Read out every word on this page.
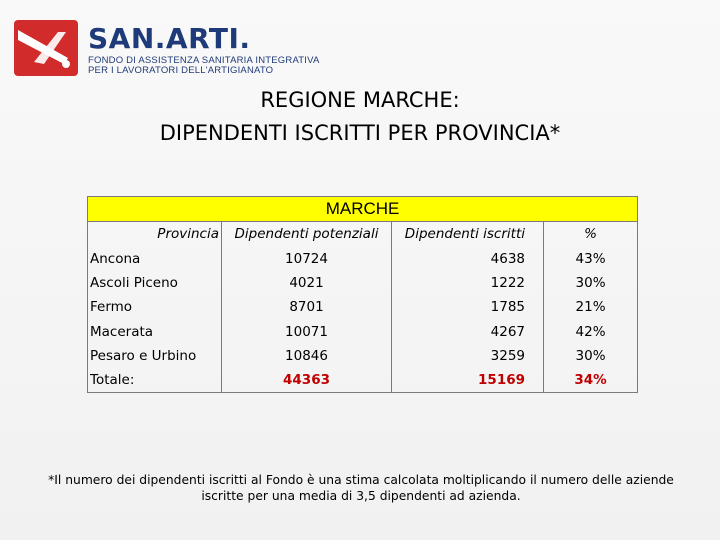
SAN.ARTI.
FONDO DI ASSISTENZA SANITARIA INTEGRATIVA
PER I LAVORATORI DELL'ARTIGIANATO
REGIONE MARCHE:
DIPENDENTI ISCRITTI PER PROVINCIA*
MARCHE			
Provincia	Dipendenti potenziali	Dipendenti iscritti	%
Ancona	10724	4638	43%
Ascoli Piceno	4021	1222	30%
Fermo	8701	1785	21%
Macerata	10071	4267	42%
Pesaro e Urbino	10846	3259	30%
Totale:	44363	15169	34%
*Il numero dei dipendenti iscritti al Fondo è una stima calcolata moltiplicando il numero delle aziende
iscritte per una media di 3,5 dipendenti ad azienda.
